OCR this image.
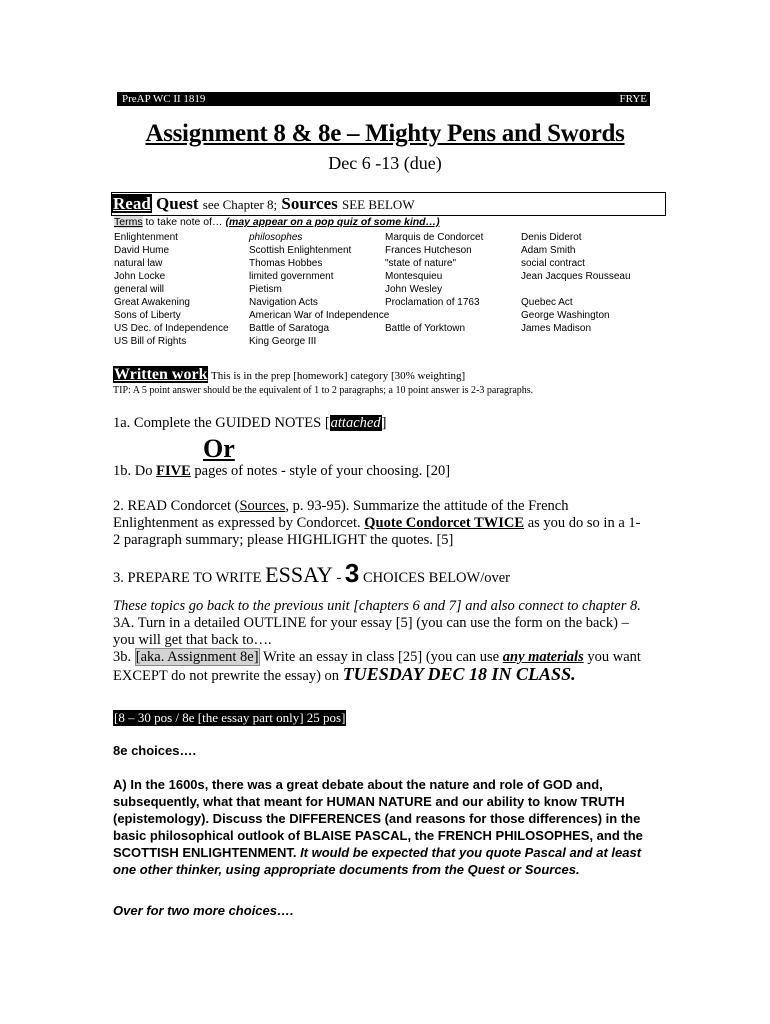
PreAP WC II 1819	FRYE
Assignment 8 & 8e – Mighty Pens and Swords
Dec 6 -13 (due)
Read Quest see Chapter 8; Sources SEE BELOW
Terms to take note of… (may appear on a pop quiz of some kind…)
Enlightenment
David Hume
natural law
John Locke
general will
Great Awakening
Sons of Liberty
US Dec. of Independence
US Bill of Rights
philosophes
Scottish Enlightenment
Thomas Hobbes
limited government
Pietism
Navigation Acts
American War of Independence
Battle of Saratoga
King George III
Marquis de Condorcet
Frances Hutcheson
"state of nature"
Montesquieu
John Wesley
Proclamation of 1763

Battle of Yorktown
Denis Diderot
Adam Smith
social contract
Jean Jacques Rousseau

Quebec Act
George Washington
James Madison
Written work This is in the prep [homework] category [30% weighting]
TIP: A 5 point answer should be the equivalent of 1 to 2 paragraphs; a 10 point answer is 2-3 paragraphs.
1a. Complete the GUIDED NOTES [attached]
Or
1b. Do FIVE pages of notes - style of your choosing. [20]
2. READ Condorcet (Sources, p. 93-95). Summarize the attitude of the French
Enlightenment as expressed by Condorcet. Quote Condorcet TWICE as you do so in a 1-
2 paragraph summary; please HIGHLIGHT the quotes. [5]
3. PREPARE TO WRITE ESSAY - 3 CHOICES BELOW/over
These topics go back to the previous unit [chapters 6 and 7] and also connect to chapter 8.
3A. Turn in a detailed OUTLINE for your essay [5] (you can use the form on the back) –
you will get that back to….
3b. [aka. Assignment 8e] Write an essay in class [25] (you can use any materials you want
EXCEPT do not prewrite the essay) on TUESDAY DEC 18 IN CLASS.
[8 – 30 pos / 8e [the essay part only] 25 pos]
8e choices….
A) In the 1600s, there was a great debate about the nature and role of GOD and, subsequently, what that meant for HUMAN NATURE and our ability to know TRUTH (epistemology). Discuss the DIFFERENCES (and reasons for those differences) in the basic philosophical outlook of BLAISE PASCAL, the FRENCH PHILOSOPHES, and the SCOTTISH ENLIGHTENMENT. It would be expected that you quote Pascal and at least one other thinker, using appropriate documents from the Quest or Sources.
Over for two more choices….
